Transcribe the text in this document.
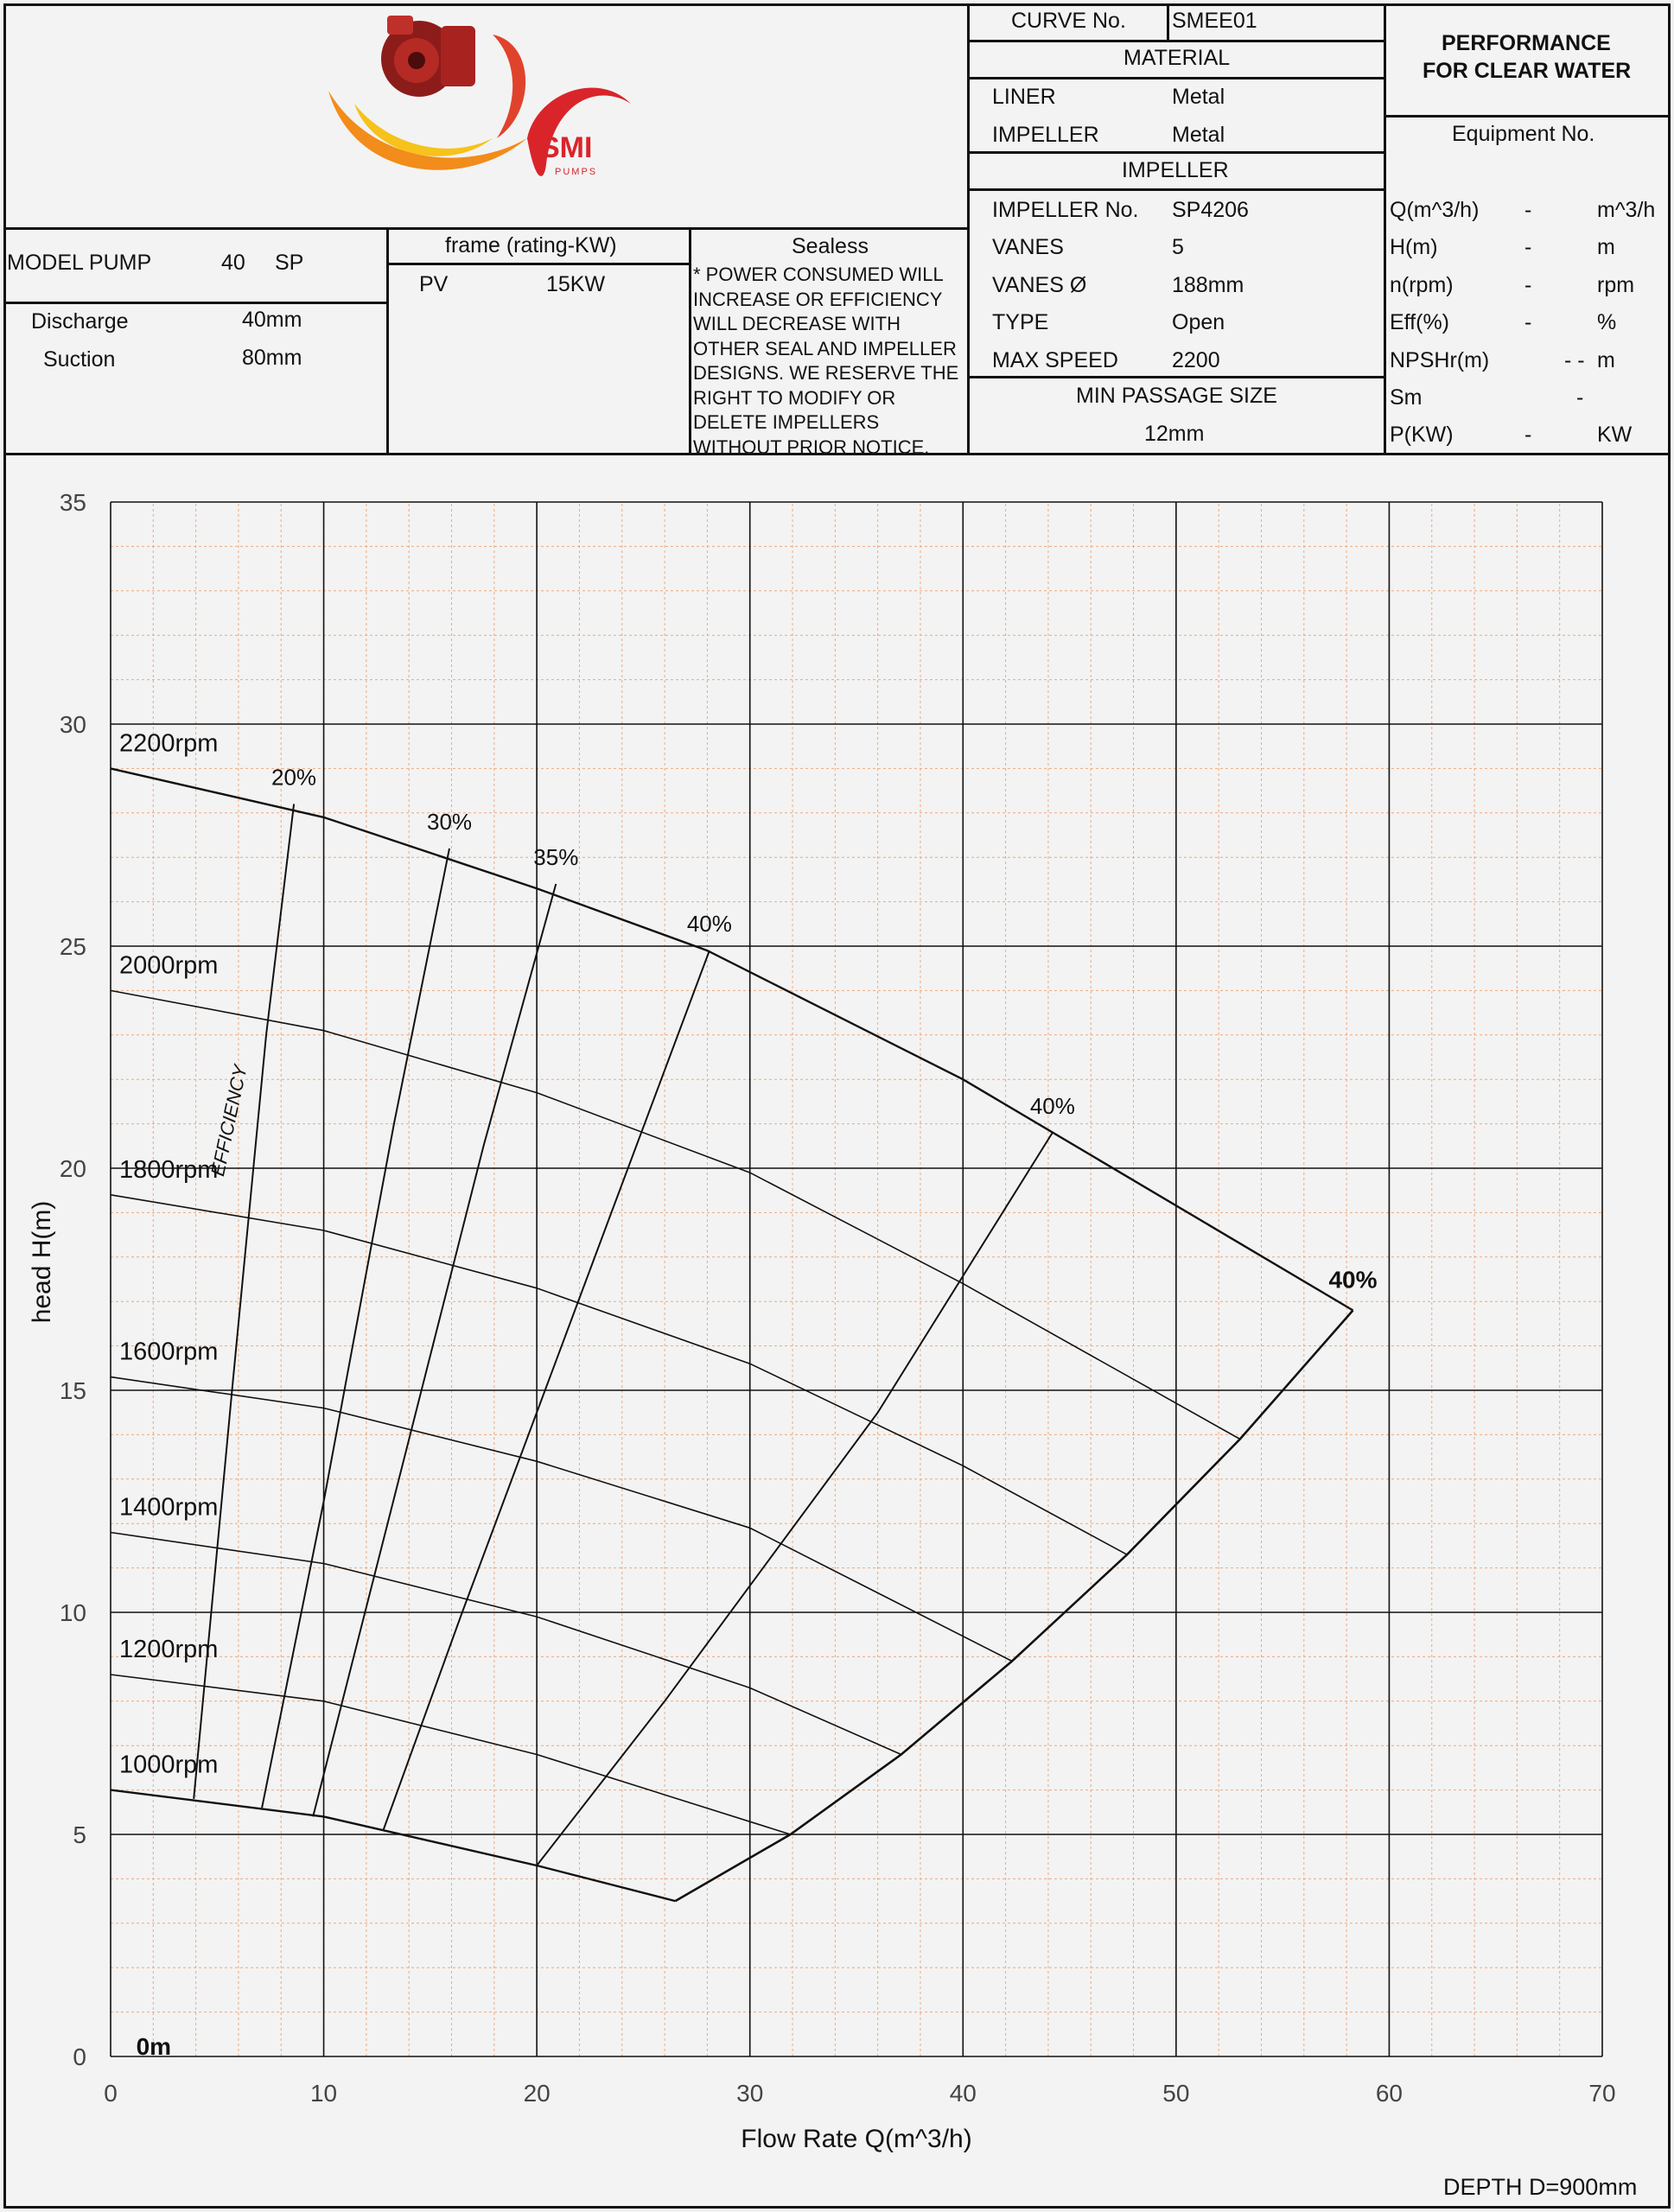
SMI
PUMPS
MODEL PUMP	40 SP
Discharge	40mm
Suction	80mm
frame (rating-KW)
PV	15KW
Sealess
* POWER CONSUMED WILL INCREASE OR EFFICIENCY WILL DECREASE WITH OTHER SEAL AND IMPELLER DESIGNS. WE RESERVE THE RIGHT TO MODIFY OR DELETE IMPELLERS WITHOUT PRIOR NOTICE.
CURVE No. SMEE01
MATERIAL
LINER	Metal
IMPELLER	Metal
IMPELLER
IMPELLER No. SP4206
VANES	5
VANES Ø	188mm
TYPE	Open
MAX SPEED 2200
MIN PASSAGE SIZE
12mm
PERFORMANCE
FOR CLEAR WATER
Equipment No.
Q(m^3/h) -	m^3/h
H(m)	-	m
n(rpm)	-	rpm
Eff(%)	-	%
NPSHr(m)	- - m
Sm	-
P(KW)	-	KW
0	10	20	30	40	50	60	70
0
5
10
15
20
25
30
35
Flow Rate Q(m^3/h)
head H(m)
2200rpm
2000rpm
1800rpm
1600rpm
1400rpm
1200rpm
1000rpm
20%
30%
35%
40%
40%
40%
EFFICIENCY
0m
DEPTH D=900mm
